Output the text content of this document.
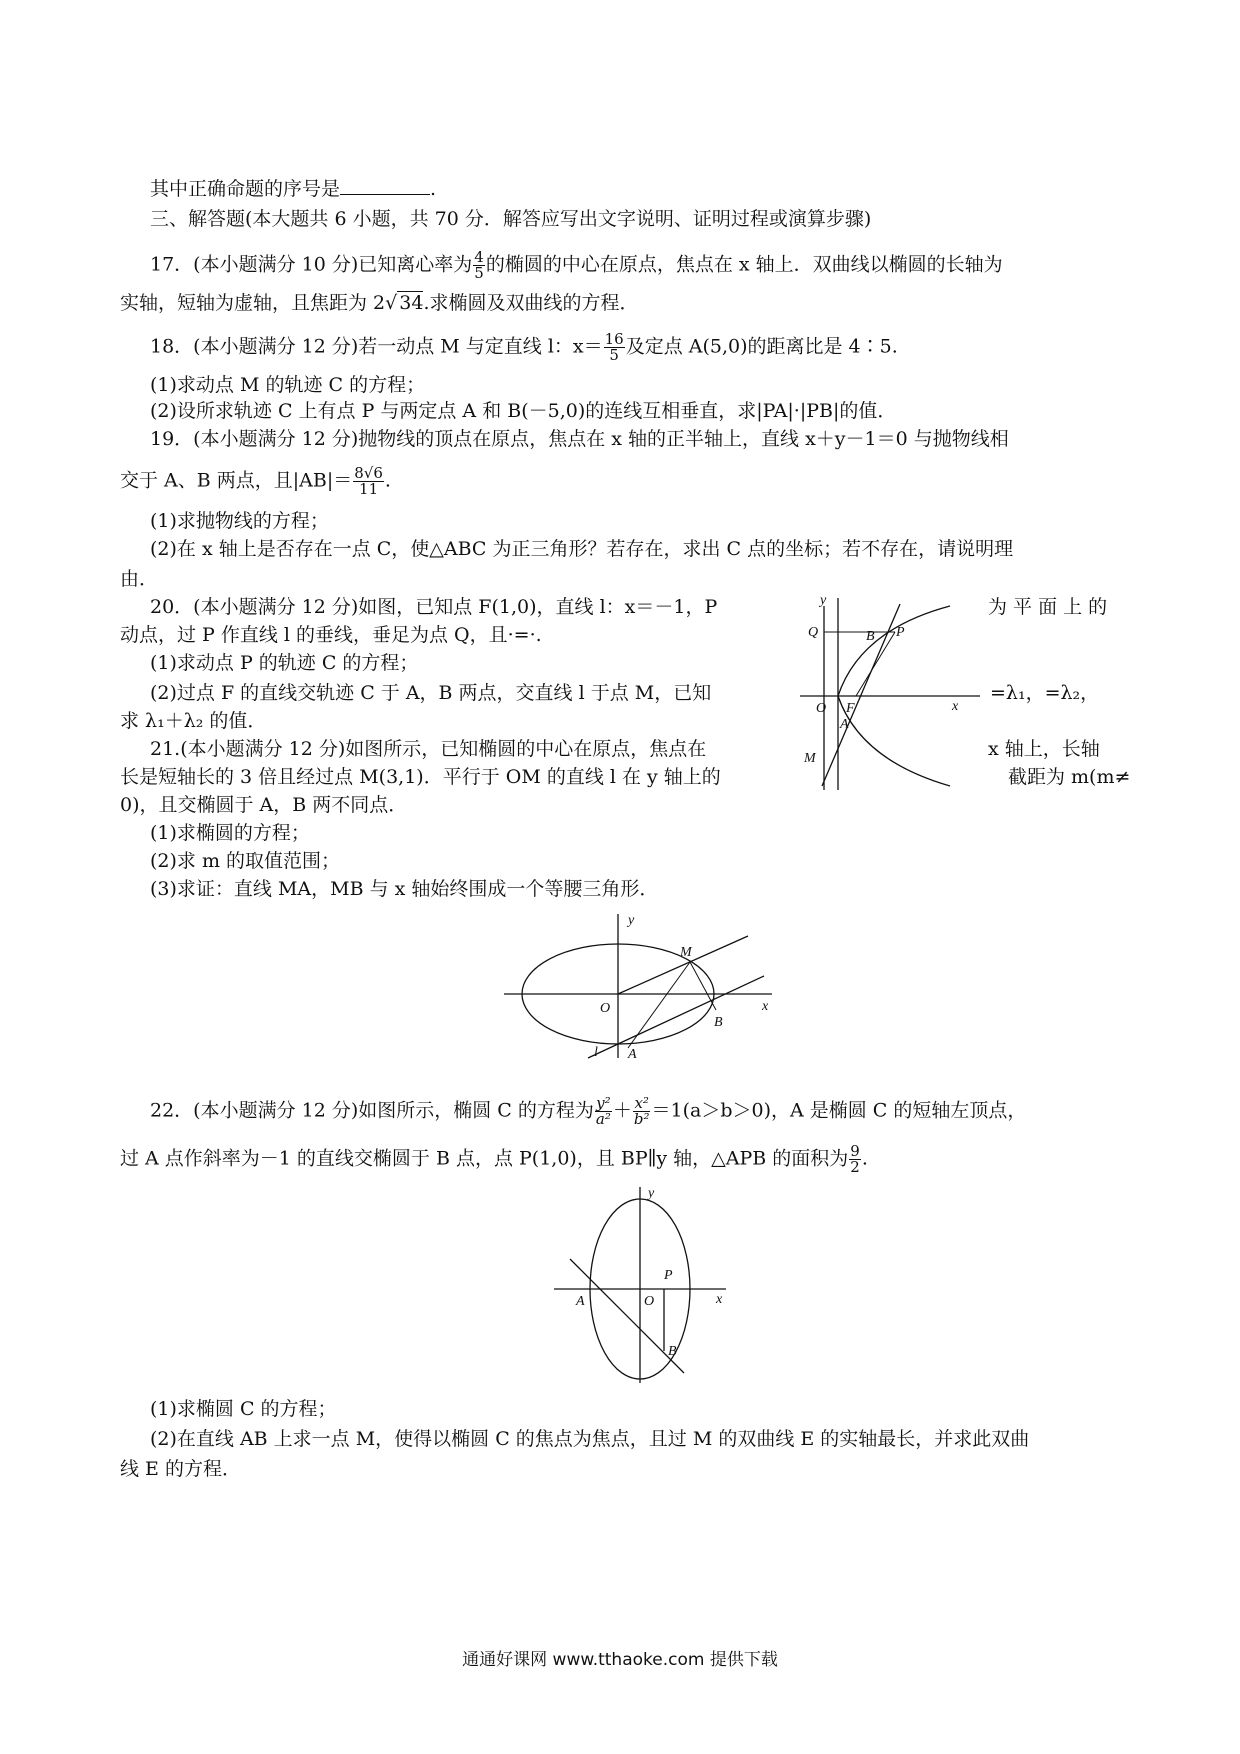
其中正确命题的序号是	.
三、解答题(本大题共 6 小题，共 70 分．解答应写出文字说明、证明过程或演算步骤)
17．(本小题满分 10 分)已知离心率为 $\frac{4}{5}$ 的椭圆的中心在原点，焦点在 x 轴上．双曲线以椭圆的长轴为
实轴，短轴为虚轴，且焦距为 2√ 34.求椭圆及双曲线的方程．
18．(本小题满分 12 分)若一动点 M 与定直线 l：$x= \frac{16}{5}$ 及定点 A(5,0)的距离比是 4∶5.
(1)求动点 M 的轨迹 C 的方程；
(2)设所求轨迹 C 上有点 P 与两定点 A 和 B(－5,0)的连线互相垂直，求|PA|·|PB|的值．
19．(本小题满分 12 分)抛物线的顶点在原点，焦点在 x 轴的正半轴上，直线 x＋y－1＝0 与抛物线相
交于 A、B 两点，且$|AB|= \frac{8√6}{11}$ .
(1)求抛物线的方程；
(2)在 x 轴上是否存在一点 C，使△ABC 为正三角形？若存在，求出 C 点的坐标；若不存在，请说明理
由．
20．(本小题满分 12 分)如图，已知点 F(1,0)，直线 l：x＝－1，P	为 平 面 上 的
动点，过 P 作直线 l 的垂线，垂足为点 Q，且·=·.
(1)求动点 P 的轨迹 C 的方程；
(2)过点 F 的直线交轨迹 C 于 A，B 两点，交直线 l 于点 M，已知	=λ₁，=λ₂，
求 λ₁＋λ₂ 的值．
21.(本小题满分 12 分)如图所示，已知椭圆的中心在原点，焦点在	x 轴上，长轴
长是短轴长的 3 倍且经过点 M(3,1)．平行于 OM 的直线 l 在 y 轴上的	截距为 m(m≠
0)，且交椭圆于 A，B 两不同点．
(1)求椭圆的方程；
(2)求 m 的取值范围；
(3)求证：直线 MA，MB 与 x 轴始终围成一个等腰三角形．
y
Q	B P
O F	x
A
M
y
M
O	x
B
l A
22．(本小题满分 12 分)如图所示，椭圆 C 的方程为 $\frac{\text{y²}}{\text{a²}} + \frac{\text{x²}}{\text{b²}} =1(a>b>0)$，A 是椭圆 C 的短轴左顶点，
过 A 点作斜率为－1 的直线交椭圆于 B 点，点 P(1,0)，且 BP∥y 轴，△APB 的面积为 $\frac{9}{2}$ .
y
P
A	O	x
B
(1)求椭圆 C 的方程；
(2)在直线 AB 上求一点 M，使得以椭圆 C 的焦点为焦点，且过 M 的双曲线 E 的实轴最长，并求此双曲
线 E 的方程．
通通好课网 www.tthaoke.com 提供下载
